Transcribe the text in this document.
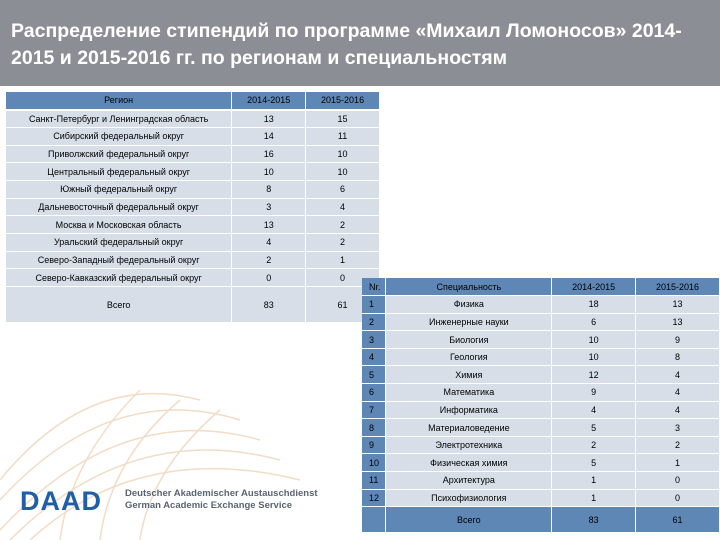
Распределение стипендий по программе «Михаил Ломоносов» 2014-2015 и 2015-2016 гг. по регионам и специальностям
DAAD Deutscher Akademischer Austauschdienst
German Academic Exchange Service
Регион	2014-2015	2015-2016
Санкт-Петербург и Ленинградская область	13	15
Сибирский федеральный округ	14	11
Приволжский федеральный округ	16	10
Центральный федеральный округ	10	10
Южный федеральный округ	8	6
Дальневосточный федеральный округ	3	4
Москва и Московская область	13	2
Уральский федеральный округ	4	2
Северо-Западный федеральный округ	2	1
Северо-Кавказский федеральный округ	0	0
Всего	83	61
Nr.	Специальность	2014-2015	2015-2016
1	Физика	18	13
2	Инженерные науки	6	13
3	Биология	10	9
4	Геология	10	8
5	Химия	12	4
6	Математика	9	4
7	Информатика	4	4
8	Материаловедение	5	3
9	Электротехника	2	2
10	Физическая химия	5	1
11	Архитектура	1	0
12	Психофизиология	1	0
	Всего	83	61
